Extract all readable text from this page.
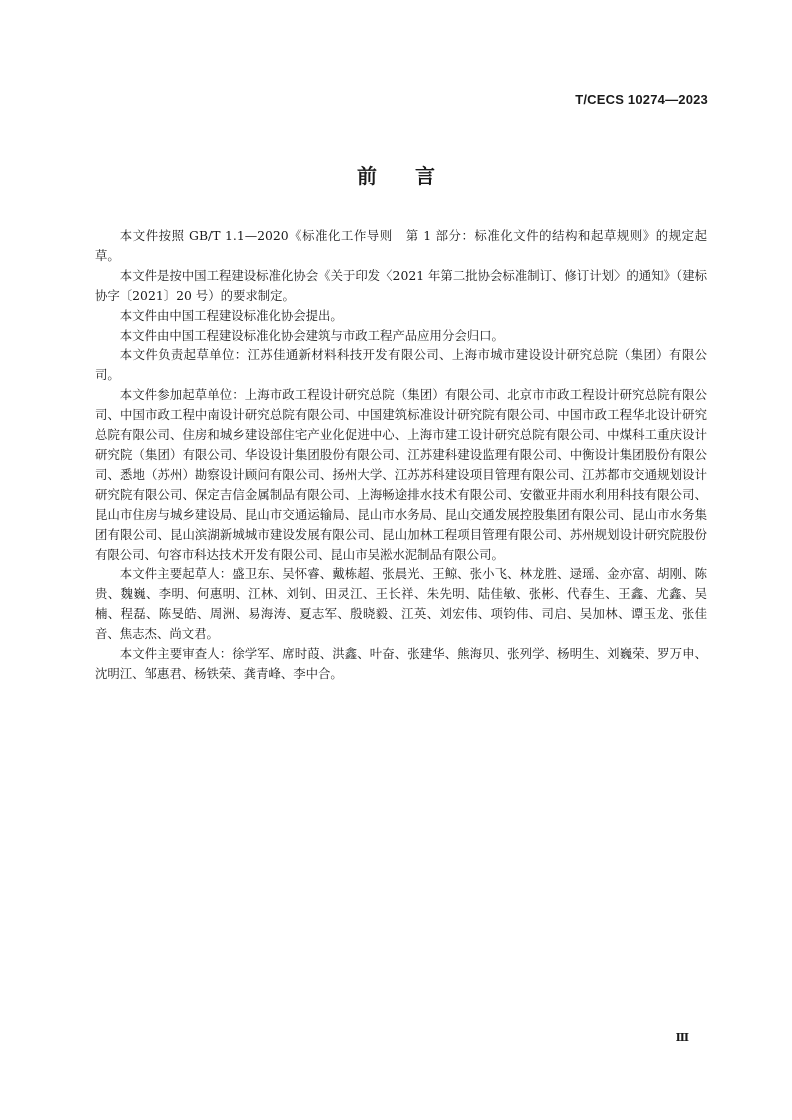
T/CECS 10274—2023
前言

本文件按照 GB/T 1.1—2020《标准化工作导则　第 1 部分：标准化文件的结构和起草规则》的规定起草。

本文件是按中国工程建设标准化协会《关于印发〈2021 年第二批协会标准制订、修订计划〉的通知》（建标协字〔2021〕20 号）的要求制定。

本文件由中国工程建设标准化协会提出。

本文件由中国工程建设标准化协会建筑与市政工程产品应用分会归口。

本文件负责起草单位：江苏佳通新材料科技开发有限公司、上海市城市建设设计研究总院（集团）有限公司。

本文件参加起草单位：上海市政工程设计研究总院（集团）有限公司、北京市市政工程设计研究总院有限公司、中国市政工程中南设计研究总院有限公司、中国建筑标准设计研究院有限公司、中国市政工程华北设计研究总院有限公司、住房和城乡建设部住宅产业化促进中心、上海市建工设计研究总院有限公司、中煤科工重庆设计研究院（集团）有限公司、华设设计集团股份有限公司、江苏建科建设监理有限公司、中衡设计集团股份有限公司、悉地（苏州）勘察设计顾问有限公司、扬州大学、江苏苏科建设项目管理有限公司、江苏都市交通规划设计研究院有限公司、保定吉信金属制品有限公司、上海畅途排水技术有限公司、安徽亚井雨水利用科技有限公司、昆山市住房与城乡建设局、昆山市交通运输局、昆山市水务局、昆山交通发展控股集团有限公司、昆山市水务集团有限公司、昆山滨湖新城城市建设发展有限公司、昆山加林工程项目管理有限公司、苏州规划设计研究院股份有限公司、句容市科达技术开发有限公司、昆山市吴淞水泥制品有限公司。

本文件主要起草人：盛卫东、吴怀睿、戴栋超、张晨光、王鲸、张小飞、林龙胜、逯瑶、金亦富、胡刚、陈贵、魏巍、李明、何惠明、江林、刘钊、田灵江、王长祥、朱先明、陆佳敏、张彬、代春生、王鑫、尤鑫、吴楠、程磊、陈旻皓、周洲、易海涛、夏志军、殷晓毅、江英、刘宏伟、项钧伟、司启、吴加林、谭玉龙、张佳音、焦志杰、尚文君。

本文件主要审查人：徐学军、席时葭、洪鑫、叶奋、张建华、熊海贝、张列学、杨明生、刘巍荣、罗万申、沈明江、邹惠君、杨铁荣、龚青峰、李中合。

Ⅲ
